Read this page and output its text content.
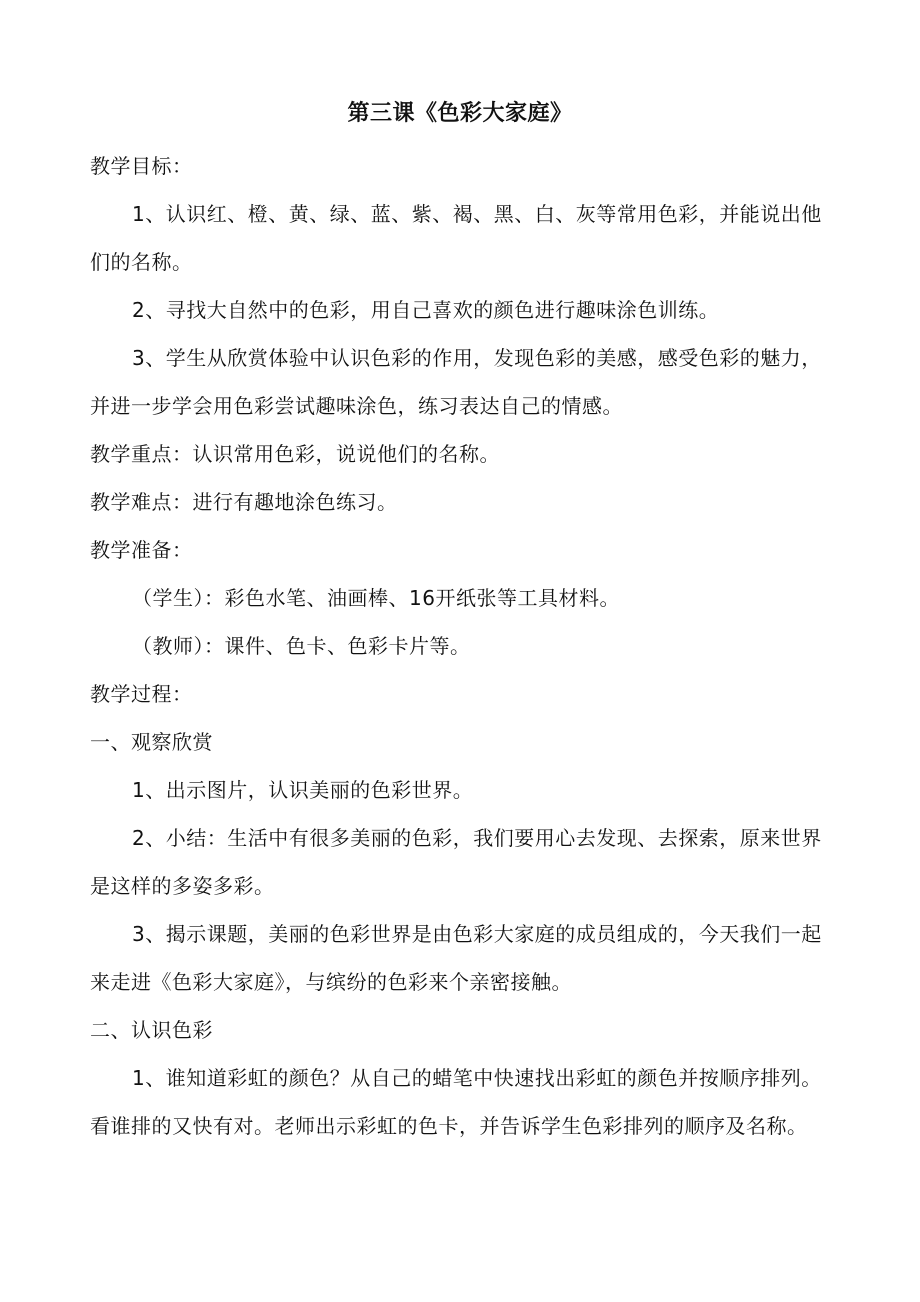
第三课《色彩大家庭》

教学目标：

1、认识红、橙、黄、绿、蓝、紫、褐、黑、白、灰等常用色彩，并能说出他们的名称。

2、寻找大自然中的色彩，用自己喜欢的颜色进行趣味涂色训练。

3、学生从欣赏体验中认识色彩的作用，发现色彩的美感，感受色彩的魅力，并进一步学会用色彩尝试趣味涂色，练习表达自己的情感。

教学重点：认识常用色彩，说说他们的名称。

教学难点：进行有趣地涂色练习。

教学准备：

（学生）：彩色水笔、油画棒、16开纸张等工具材料。

（教师）：课件、色卡、色彩卡片等。

教学过程：

一、观察欣赏

1、出示图片，认识美丽的色彩世界。

2、小结：生活中有很多美丽的色彩，我们要用心去发现、去探索，原来世界是这样的多姿多彩。

3、揭示课题，美丽的色彩世界是由色彩大家庭的成员组成的，今天我们一起来走进《色彩大家庭》，与缤纷的色彩来个亲密接触。

二、认识色彩

1、谁知道彩虹的颜色？从自己的蜡笔中快速找出彩虹的颜色并按顺序排列。看谁排的又快有对。老师出示彩虹的色卡，并告诉学生色彩排列的顺序及名称。
